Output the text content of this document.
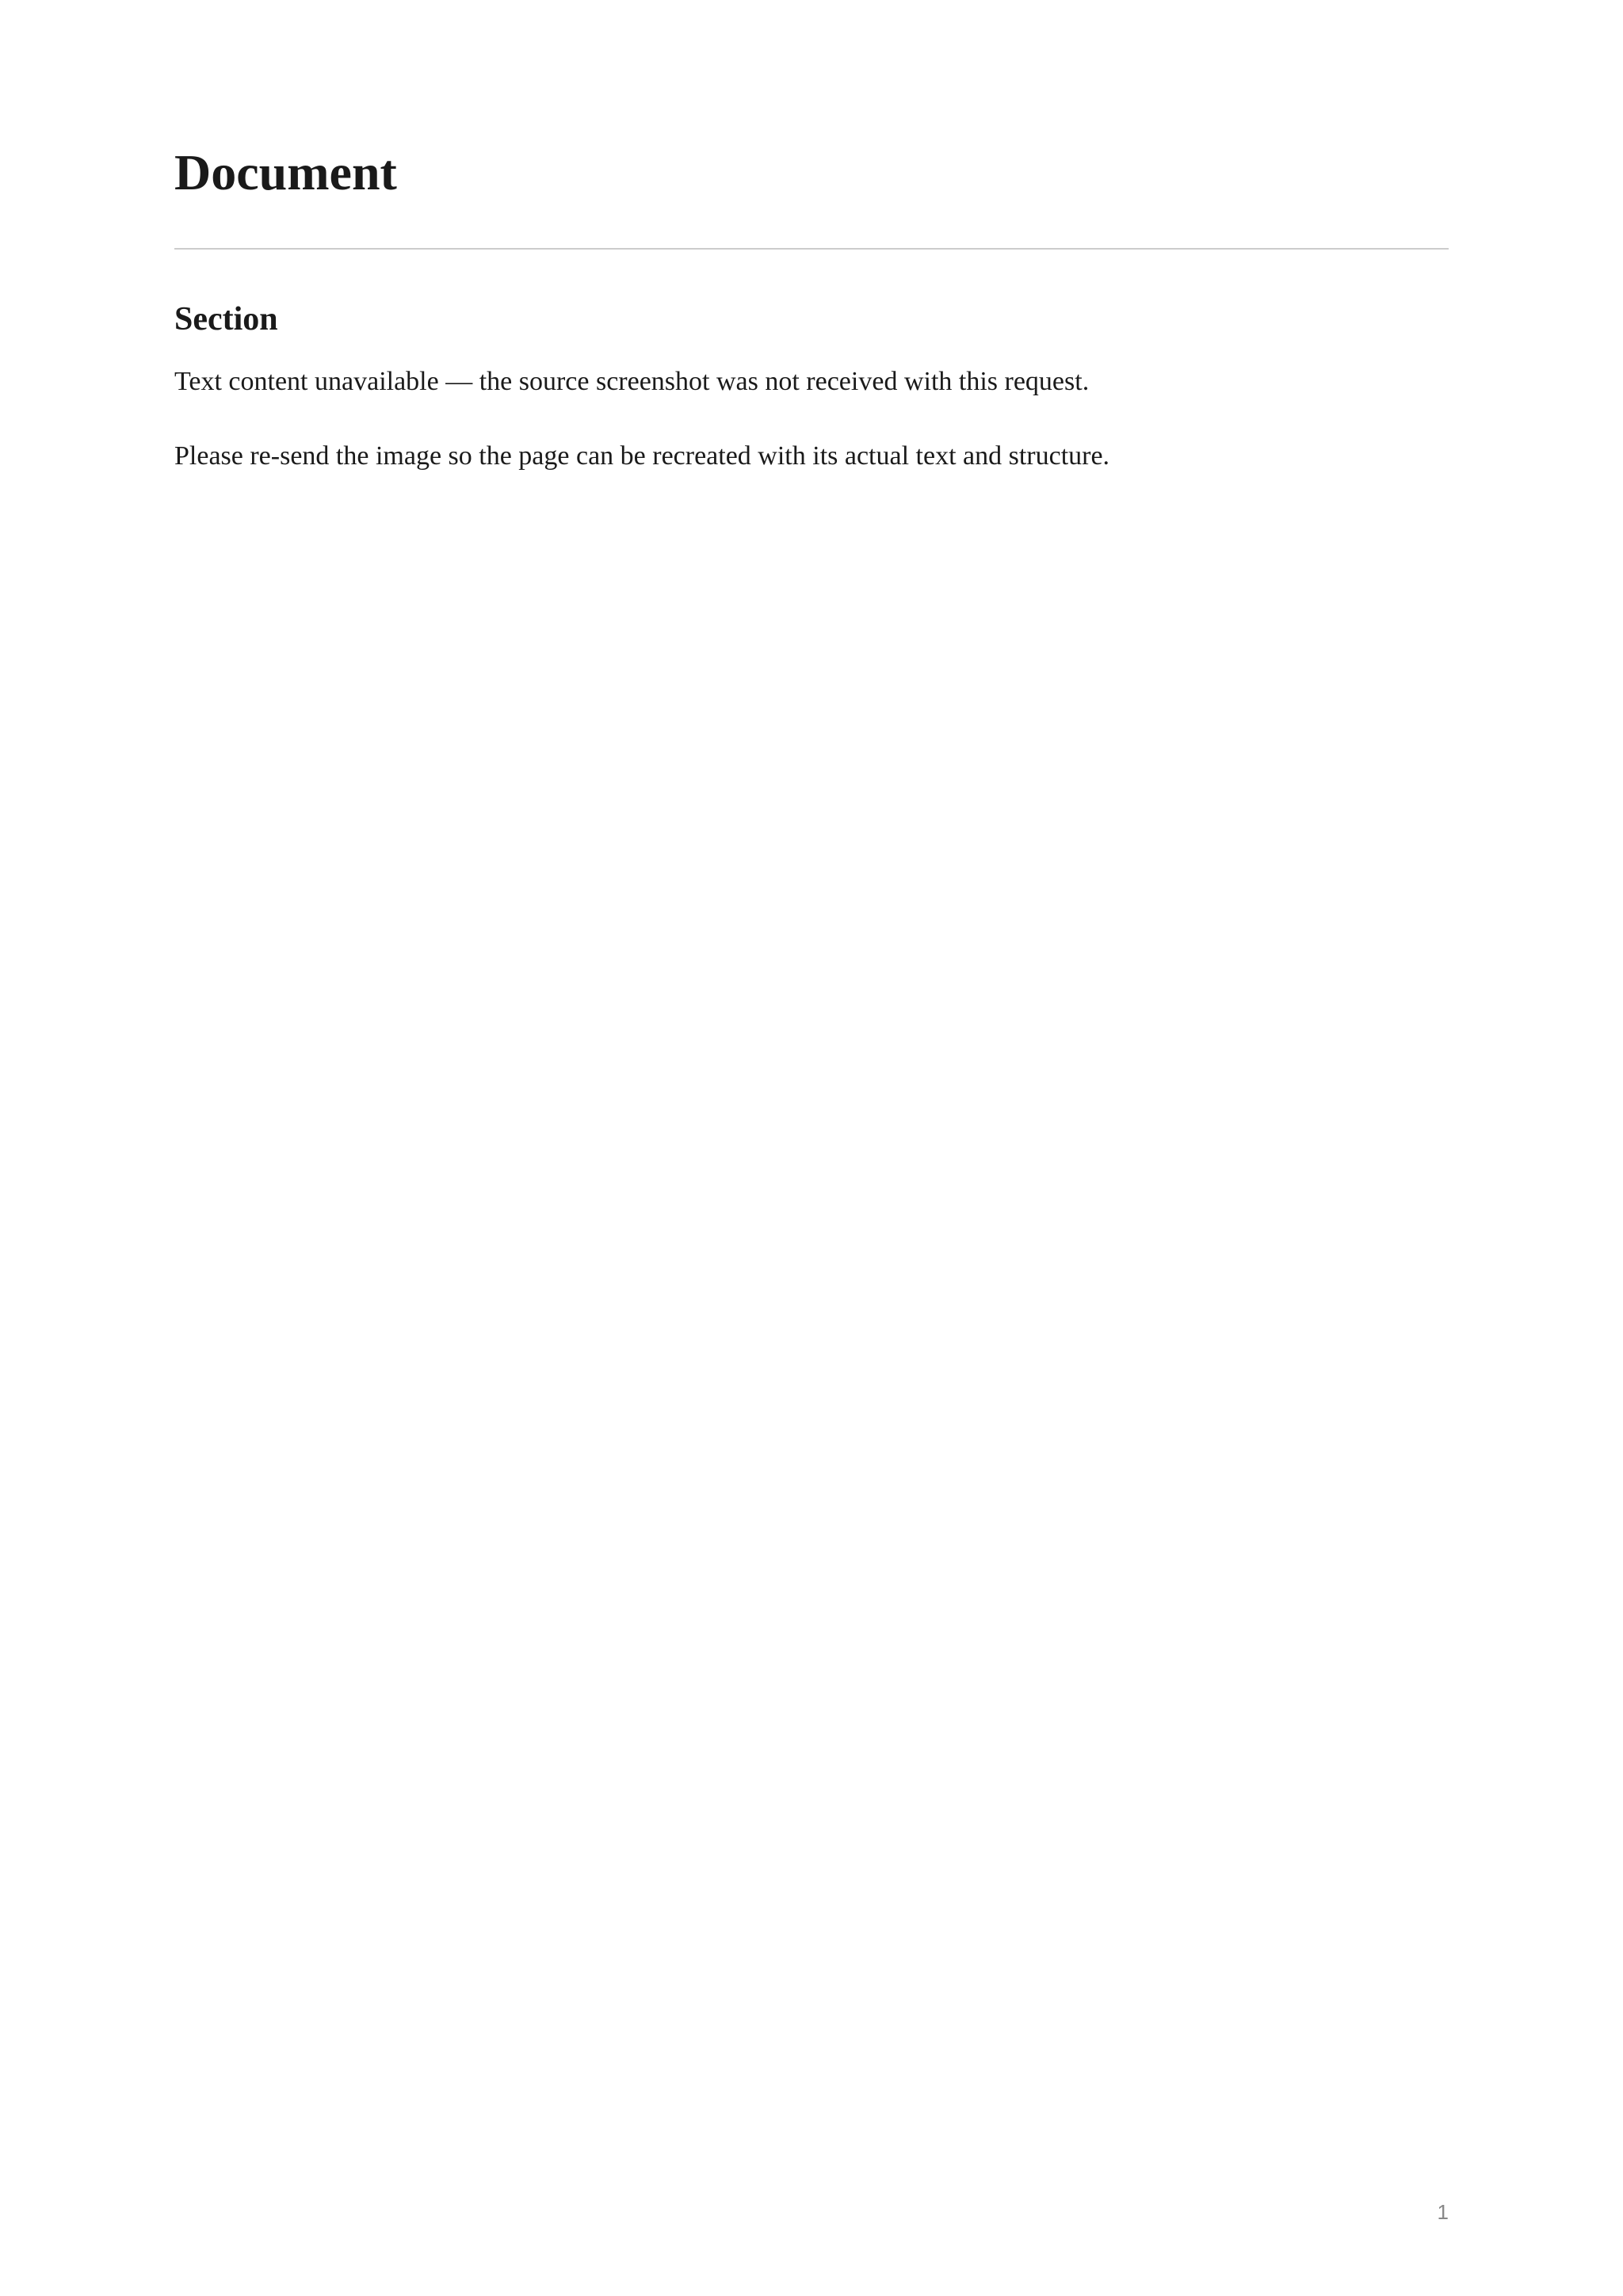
Document
Section

Text content unavailable — the source screenshot was not received with this request.

Please re-send the image so the page can be recreated with its actual text and structure.

1
